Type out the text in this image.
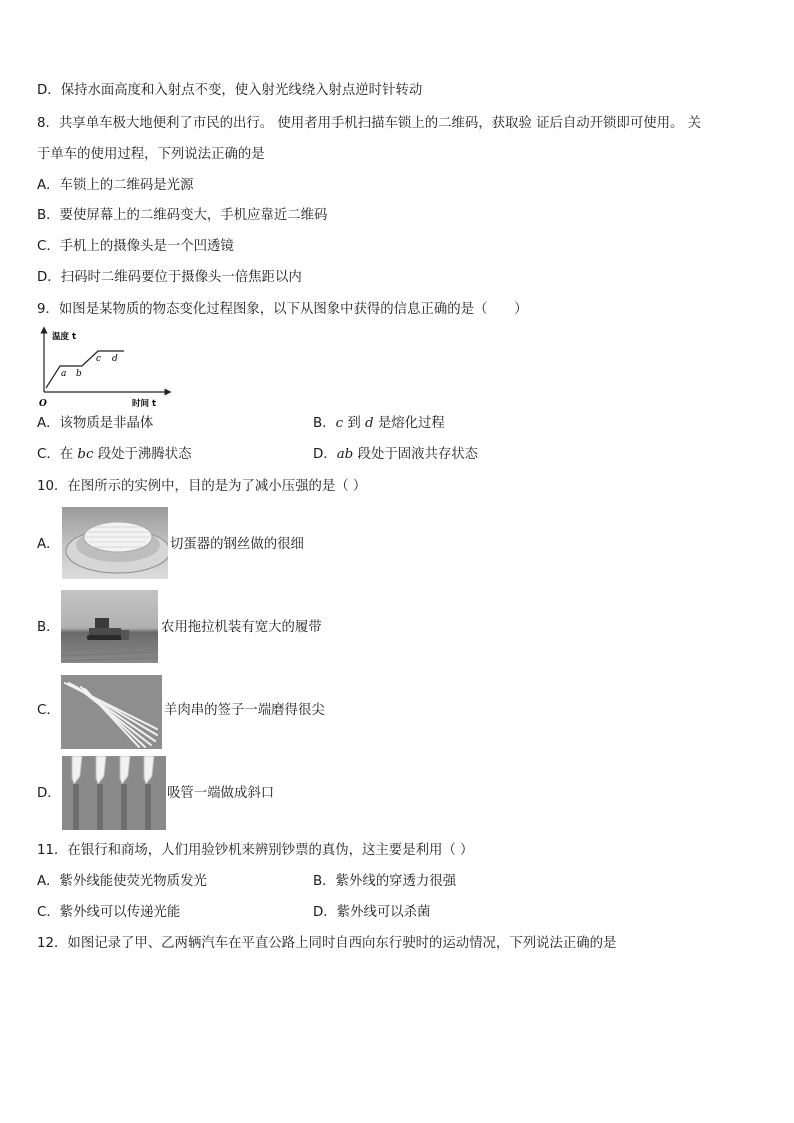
D．保持水面高度和入射点不变，使入射光线绕入射点逆时针转动
8．共享单车极大地便利了市民的出行。 使用者用手机扫描车锁上的二维码，获取验 证后自动开锁即可使用。 关
于单车的使用过程，下列说法正确的是
A．车锁上的二维码是光源
B．要使屏幕上的二维码变大，手机应靠近二维码
C．手机上的摄像头是一个凹透镜
D．扫码时二维码要位于摄像头一倍焦距以内
9．如图是某物质的物态变化过程图象，以下从图象中获得的信息正确的是（　　）
温度 t
时间 t
O
a b
c d
A．该物质是非晶体	B．c 到 d 是熔化过程
C．在 bc 段处于沸腾状态	D．ab 段处于固液共存状态
10．在图所示的实例中，目的是为了减小压强的是（ ）
A．	切蛋器的钢丝做的很细
B．	农用拖拉机装有宽大的履带
C．	羊肉串的签子一端磨得很尖
D．	吸管一端做成斜口
11．在银行和商场，人们用验钞机来辨别钞票的真伪，这主要是利用（ ）
A．紫外线能使荧光物质发光	B．紫外线的穿透力很强
C．紫外线可以传递光能	D．紫外线可以杀菌
12．如图记录了甲、乙两辆汽车在平直公路上同时自西向东行驶时的运动情况，下列说法正确的是
